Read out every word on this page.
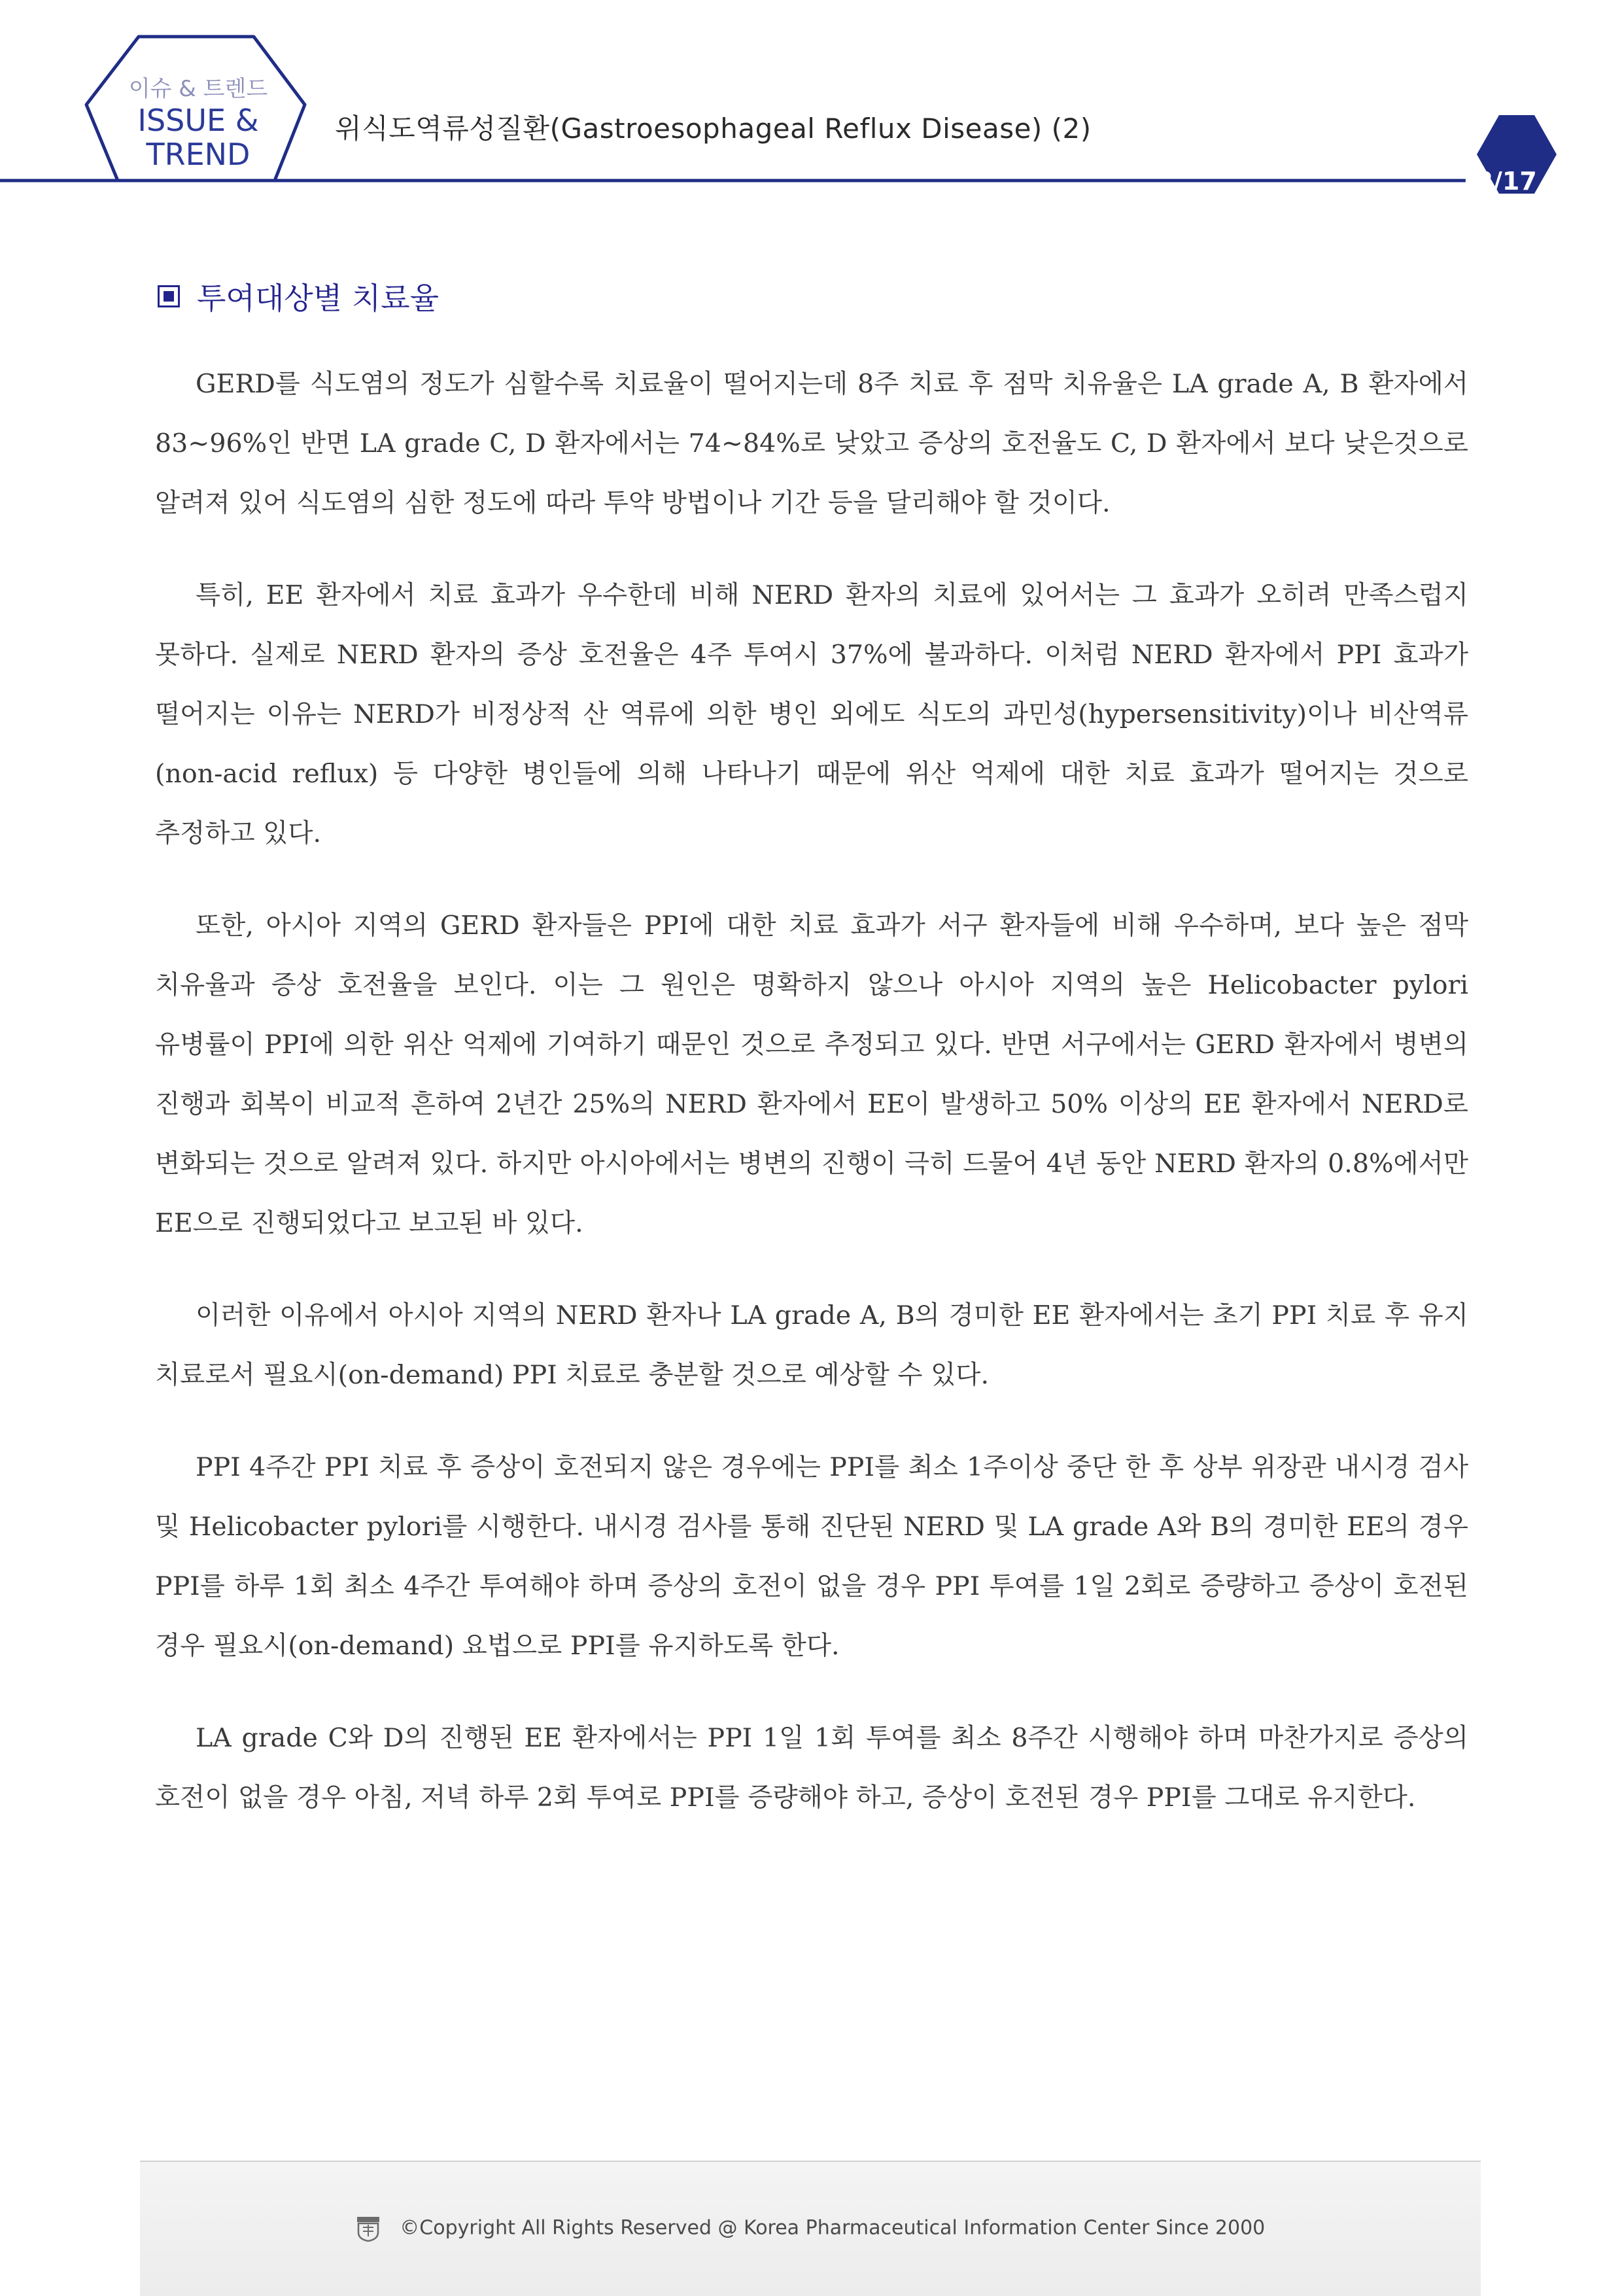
이슈 & 트렌드
ISSUE &
TREND
위식도역류성질환(Gastroesophageal Reflux Disease) (2)
12/17
투여대상별 치료율

GERD를 식도염의 정도가 심할수록 치료율이 떨어지는데 8주 치료 후 점막 치유율은 LA grade A, B 환자에서 83~96%인 반면 LA grade C, D 환자에서는 74~84%로 낮았고 증상의 호전율도 C, D 환자에서 보다 낮은것으로 알려져 있어 식도염의 심한 정도에 따라 투약 방법이나 기간 등을 달리해야 할 것이다.

특히, EE 환자에서 치료 효과가 우수한데 비해 NERD 환자의 치료에 있어서는 그 효과가 오히려 만족스럽지 못하다. 실제로 NERD 환자의 증상 호전율은 4주 투여시 37%에 불과하다. 이처럼 NERD 환자에서 PPI 효과가 떨어지는 이유는 NERD가 비정상적 산 역류에 의한 병인 외에도 식도의 과민성(hypersensitivity)이나 비산역류(non-acid reflux) 등 다양한 병인들에 의해 나타나기 때문에 위산 억제에 대한 치료 효과가 떨어지는 것으로 추정하고 있다.

또한, 아시아 지역의 GERD 환자들은 PPI에 대한 치료 효과가 서구 환자들에 비해 우수하며, 보다 높은 점막 치유율과 증상 호전율을 보인다. 이는 그 원인은 명확하지 않으나 아시아 지역의 높은 Helicobacter pylori 유병률이 PPI에 의한 위산 억제에 기여하기 때문인 것으로 추정되고 있다. 반면 서구에서는 GERD 환자에서 병변의 진행과 회복이 비교적 흔하여 2년간 25%의 NERD 환자에서 EE이 발생하고 50% 이상의 EE 환자에서 NERD로 변화되는 것으로 알려져 있다. 하지만 아시아에서는 병변의 진행이 극히 드물어 4년 동안 NERD 환자의 0.8%에서만 EE으로 진행되었다고 보고된 바 있다.

이러한 이유에서 아시아 지역의 NERD 환자나 LA grade A, B의 경미한 EE 환자에서는 초기 PPI 치료 후 유지 치료로서 필요시(on-demand) PPI 치료로 충분할 것으로 예상할 수 있다.

PPI 4주간 PPI 치료 후 증상이 호전되지 않은 경우에는 PPI를 최소 1주이상 중단 한 후 상부 위장관 내시경 검사 및 Helicobacter pylori를 시행한다. 내시경 검사를 통해 진단된 NERD 및 LA grade A와 B의 경미한 EE의 경우 PPI를 하루 1회 최소 4주간 투여해야 하며 증상의 호전이 없을 경우 PPI 투여를 1일 2회로 증량하고 증상이 호전된 경우 필요시(on-demand) 요법으로 PPI를 유지하도록 한다.

LA grade C와 D의 진행된 EE 환자에서는 PPI 1일 1회 투여를 최소 8주간 시행해야 하며 마찬가지로 증상의 호전이 없을 경우 아침, 저녁 하루 2회 투여로 PPI를 증량해야 하고, 증상이 호전된 경우 PPI를 그대로 유지한다.

©Copyright All Rights Reserved @ Korea Pharmaceutical Information Center Since 2000
